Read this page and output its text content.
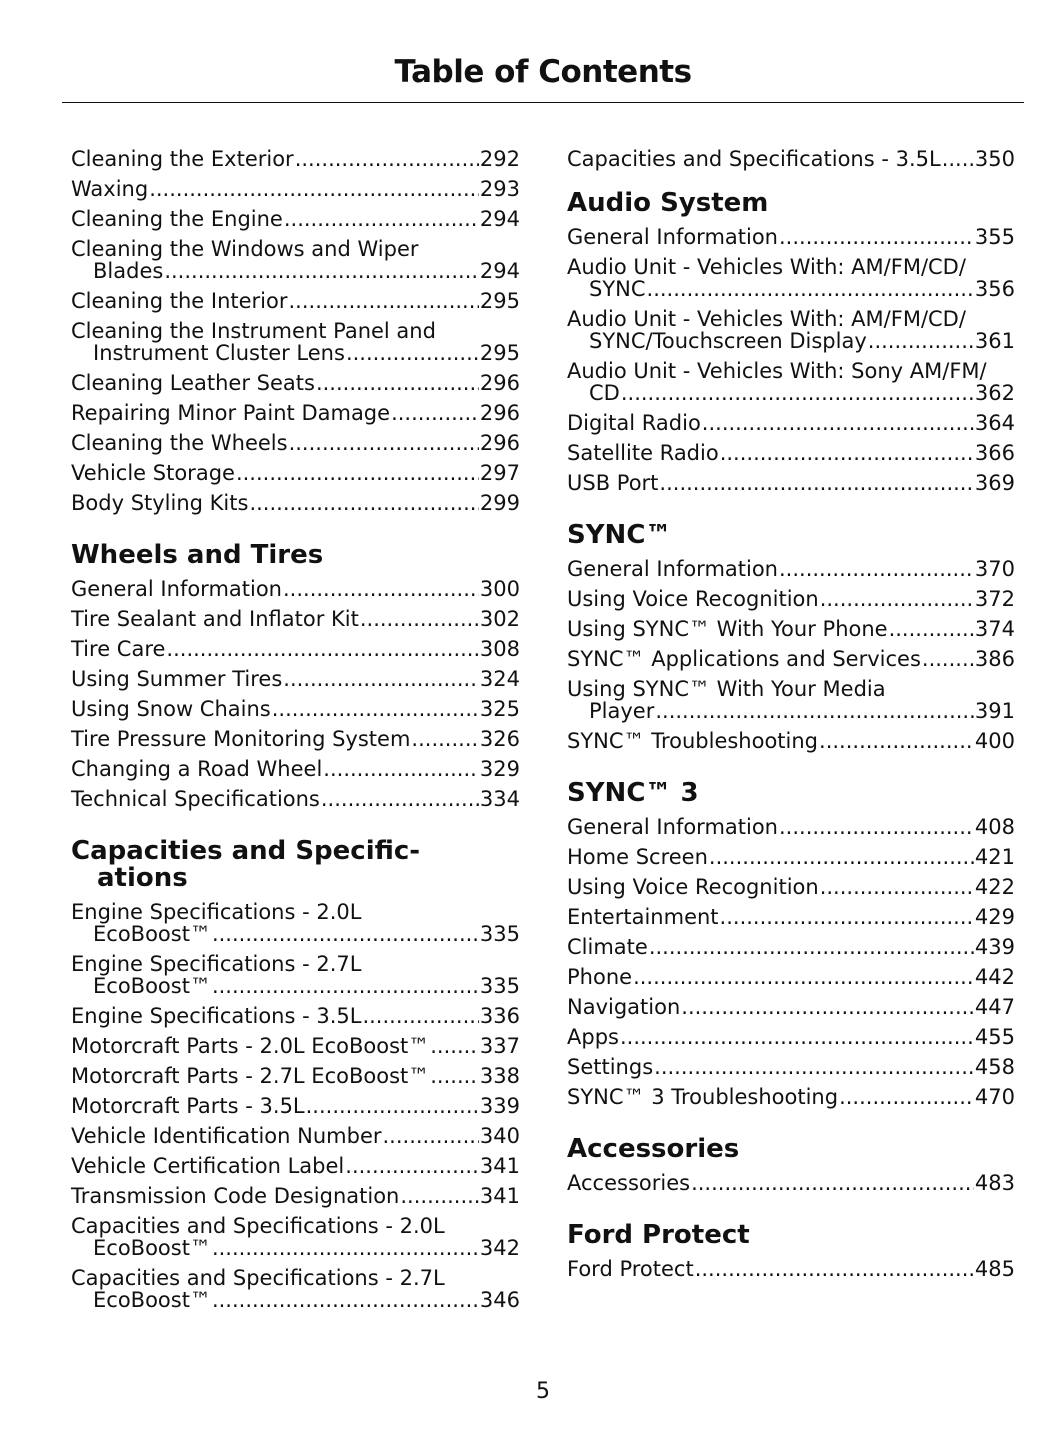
Table of Contents
Cleaning the Exterior .....	292
Waxing .....	293
Cleaning the Engine .....	294
Cleaning the Windows and Wiper
Blades .....	294
Cleaning the Interior .....	295
Cleaning the Instrument Panel and
Instrument Cluster Lens .....	295
Cleaning Leather Seats .....	296
Repairing Minor Paint Damage .....	296
Cleaning the Wheels .....	296
Vehicle Storage .....	297
Body Styling Kits .....	299
Wheels and Tires
General Information .....	300
Tire Sealant and Inflator Kit .....	302
Tire Care .....	308
Using Summer Tires .....	324
Using Snow Chains .....	325
Tire Pressure Monitoring System .....	326
Changing a Road Wheel .....	329
Technical Specifications .....	334
Capacities and Specific-
ations
Engine Specifications - 2.0L
EcoBoost™ .....	335
Engine Specifications - 2.7L
EcoBoost™ .....	335
Engine Specifications - 3.5L .....	336
Motorcraft Parts - 2.0L EcoBoost™ ..... 337
Motorcraft Parts - 2.7L EcoBoost™ ..... 338
Motorcraft Parts - 3.5L .....	339
Vehicle Identification Number .....	340
Vehicle Certification Label .....	341
Transmission Code Designation .....	341
Capacities and Specifications - 2.0L
EcoBoost™ .....	342
Capacities and Specifications - 2.7L
EcoBoost™ .....	346
Capacities and Specifications - 3.5L ..... 350
Audio System
General Information .....	355
Audio Unit - Vehicles With: AM/FM/CD/
SYNC .....	356
Audio Unit - Vehicles With: AM/FM/CD/
SYNC/Touchscreen Display .....	361
Audio Unit - Vehicles With: Sony AM/FM/
CD .....	362
Digital Radio .....	364
Satellite Radio .....	366
USB Port .....	369
SYNC™
General Information .....	370
Using Voice Recognition .....	372
Using SYNC™ With Your Phone .....	374
SYNC™ Applications and Services .....	386
Using SYNC™ With Your Media
Player .....	391
SYNC™ Troubleshooting .....	400
SYNC™ 3
General Information .....	408
Home Screen .....	421
Using Voice Recognition .....	422
Entertainment .....	429
Climate .....	439
Phone .....	442
Navigation .....	447
Apps .....	455
Settings .....	458
SYNC™ 3 Troubleshooting .....	470
Accessories
Accessories .....	483
Ford Protect
Ford Protect .....	485
5
